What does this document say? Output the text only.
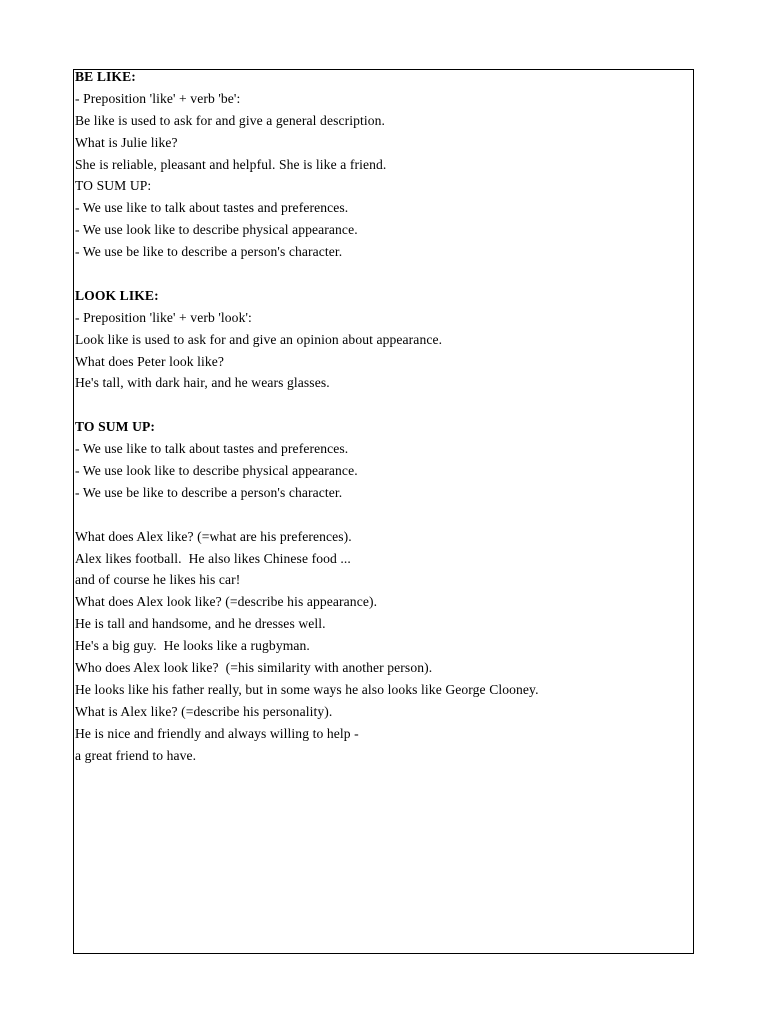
BE LIKE:
- Preposition 'like' + verb 'be':
Be like is used to ask for and give a general description.
What is Julie like?
She is reliable, pleasant and helpful. She is like a friend.
TO SUM UP:
- We use like to talk about tastes and preferences.
- We use look like to describe physical appearance.
- We use be like to describe a person's character.
LOOK LIKE:
- Preposition 'like' + verb 'look':
Look like is used to ask for and give an opinion about appearance.
What does Peter look like?
He's tall, with dark hair, and he wears glasses.
TO SUM UP:
- We use like to talk about tastes and preferences.
- We use look like to describe physical appearance.
- We use be like to describe a person's character.
What does Alex like? (=what are his preferences).
Alex likes football.  He also likes Chinese food ...
and of course he likes his car!
What does Alex look like? (=describe his appearance).
He is tall and handsome, and he dresses well.
He's a big guy.  He looks like a rugbyman.
Who does Alex look like?  (=his similarity with another person).
He looks like his father really, but in some ways he also looks like George Clooney.
What is Alex like? (=describe his personality).
He is nice and friendly and always willing to help -
a great friend to have.
